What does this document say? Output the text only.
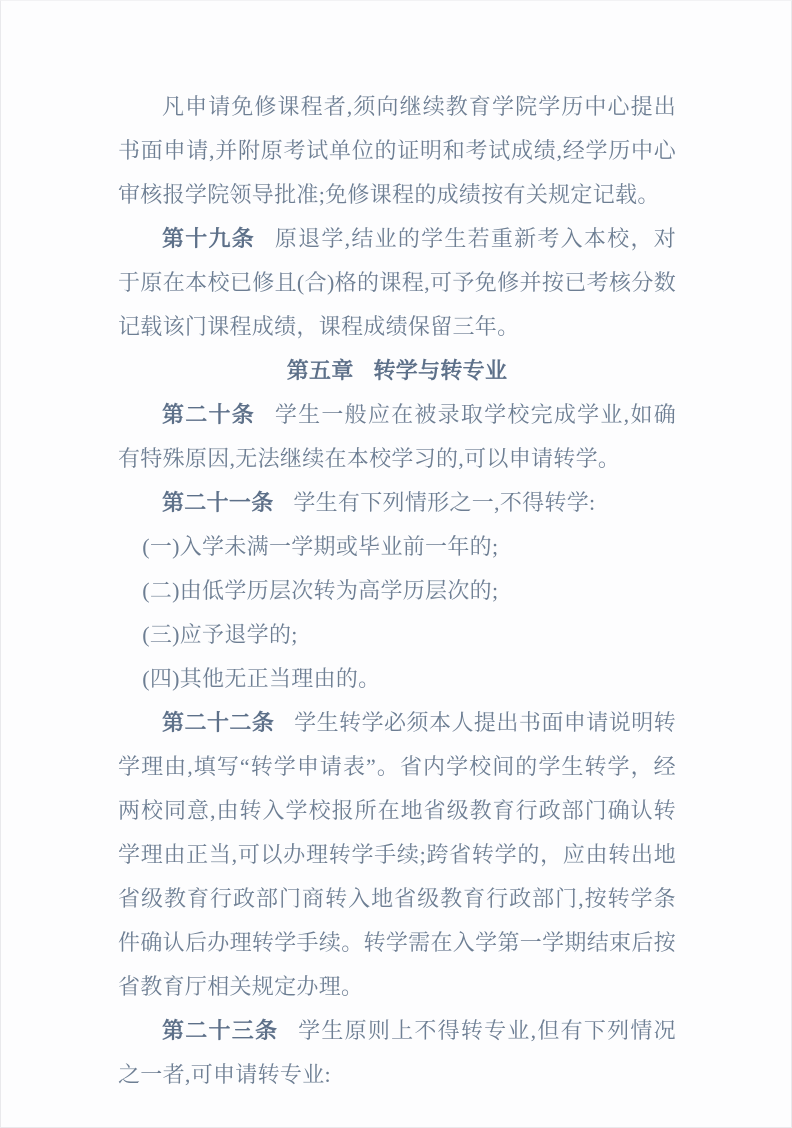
凡申请免修课程者,须向继续教育学院学历中心提出书面申请,并附原考试单位的证明和考试成绩,经学历中心审核报学院领导批准;免修课程的成绩按有关规定记载。

第十九条 原退学,结业的学生若重新考入本校，对于原在本校已修且(合)格的课程,可予免修并按已考核分数记载该门课程成绩，课程成绩保留三年。

第五章 转学与转专业

第二十条 学生一般应在被录取学校完成学业,如确有特殊原因,无法继续在本校学习的,可以申请转学。

第二十一条 学生有下列情形之一,不得转学:

(一)入学未满一学期或毕业前一年的;

(二)由低学历层次转为高学历层次的;

(三)应予退学的;

(四)其他无正当理由的。

第二十二条 学生转学必须本人提出书面申请说明转学理由,填写“转学申请表”。省内学校间的学生转学，经两校同意,由转入学校报所在地省级教育行政部门确认转学理由正当,可以办理转学手续;跨省转学的，应由转出地省级教育行政部门商转入地省级教育行政部门,按转学条件确认后办理转学手续。转学需在入学第一学期结束后按省教育厅相关规定办理。

第二十三条 学生原则上不得转专业,但有下列情况之一者,可申请转专业:
